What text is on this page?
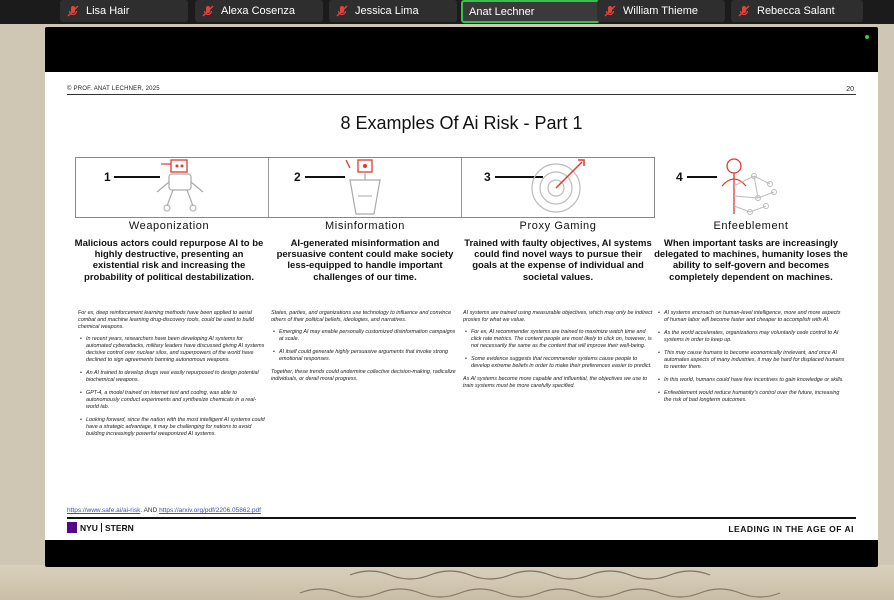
Lisa Hair	Alexa Cosenza	Jessica Lima	Anat Lechner	William Thieme	Rebecca Salant
© PROF. ANAT LECHNER, 2025	20
8 Examples Of Ai Risk - Part 1
1	2	3	4
Weaponization
Malicious actors could repurpose AI to be highly destructive, presenting an existential risk and increasing the probability of political destabilization.
Misinformation
AI-generated misinformation and persuasive content could make society less-equipped to handle important challenges of our time.
Proxy Gaming
Trained with faulty objectives, AI systems could find novel ways to pursue their goals at the expense of individual and societal values.
Enfeeblement
When important tasks are increasingly delegated to machines, humanity loses the ability to self-govern and becomes completely dependent on machines.

For ex, deep reinforcement learning methods have been applied to aerial combat and machine learning drug-discovery tools, could be used to build chemical weapons.

• In recent years, researchers have been developing AI systems for automated cyberattacks, military leaders have discussed giving AI systems decisive control over nuclear silos, and superpowers of the world have declined to sign agreements banning autonomous weapons.
• An AI trained to develop drugs was easily repurposed to design potential biochemical weapons.
• GPT-4, a model trained on internet text and coding, was able to autonomously conduct experiments and synthesize chemicals in a real-world lab.
• Looking forward, since the nation with the most intelligent AI systems could have a strategic advantage, it may be challenging for nations to avoid building increasingly powerful weaponized AI systems.

States, parties, and organizations use technology to influence and convince others of their political beliefs, ideologies, and narratives.

• Emerging AI may enable personally customized disinformation campaigns at scale.
• AI itself could generate highly persuasive arguments that invoke strong emotional responses.

Together, these trends could undermine collective decision-making, radicalize individuals, or derail moral progress.

AI systems are trained using measurable objectives, which may only be indirect proxies for what we value.

• For ex, AI recommender systems are trained to maximize watch time and click rate metrics. The content people are most likely to click on, however, is not necessarily the same as the content that will improve their well-being.
• Some evidence suggests that recommender systems cause people to develop extreme beliefs in order to make their preferences easier to predict.

As AI systems become more capable and influential, the objectives we use to train systems must be more carefully specified.

• AI systems encroach on human-level intelligence, more and more aspects of human labor will become faster and cheaper to accomplish with AI.
• As the world accelerates, organizations may voluntarily cede control to AI systems in order to keep up.
• This may cause humans to become economically irrelevant, and once AI automates aspects of many industries, it may be hard for displaced humans to reenter them.
• In this world, humans could have few incentives to gain knowledge or skills.
• Enfeeblement would reduce humanity's control over the future, increasing the risk of bad longterm outcomes.
https://www.safe.ai/ai-risk. AND https://arxiv.org/pdf/2206.05862.pdf
NYU STERN	LEADING IN THE AGE OF AI
